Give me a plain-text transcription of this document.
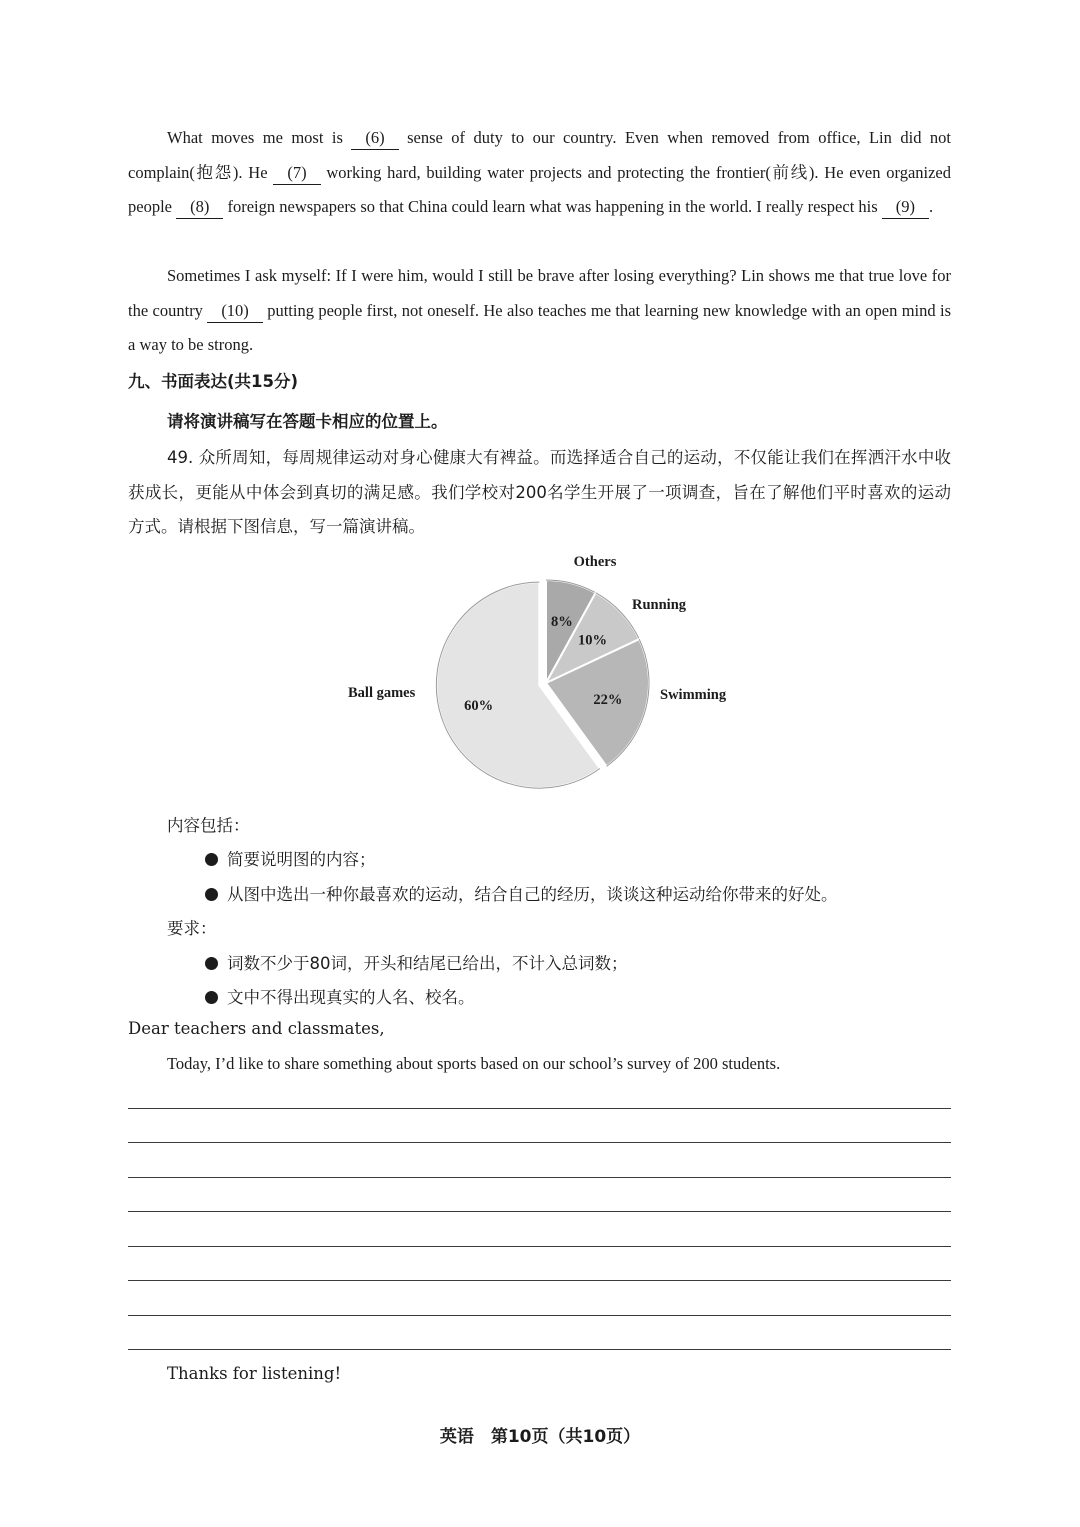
What moves me most is (6) sense of duty to our country. Even when removed from office, Lin did not complain(抱怨). He (7) working hard, building water projects and protecting the frontier(前线). He even organized people (8) foreign newspapers so that China could learn what was happening in the world. I really respect his (9) .
Sometimes I ask myself: If I were him, would I still be brave after losing everything? Lin shows me that true love for the country (10) putting people first, not oneself. He also teaches me that learning new knowledge with an open mind is a way to be strong.
九、书面表达(共15分)
请将演讲稿写在答题卡相应的位置上。
49. 众所周知，每周规律运动对身心健康大有裨益。而选择适合自己的运动，不仅能让我们在挥洒汗水中收获成长，更能从中体会到真切的满足感。我们学校对200名学生开展了一项调查，旨在了解他们平时喜欢的运动方式。请根据下图信息，写一篇演讲稿。
8%
Others
10%
Running
22%	Swimming
60%
Ball games
内容包括：
简要说明图的内容；
从图中选出一种你最喜欢的运动，结合自己的经历，谈谈这种运动给你带来的好处。
要求：
词数不少于80词，开头和结尾已给出，不计入总词数；
文中不得出现真实的人名、校名。
Dear teachers and classmates,
Today, I’d like to share something about sports based on our school’s survey of 200 students.
Thanks for listening!
英语　第10页（共10页）
